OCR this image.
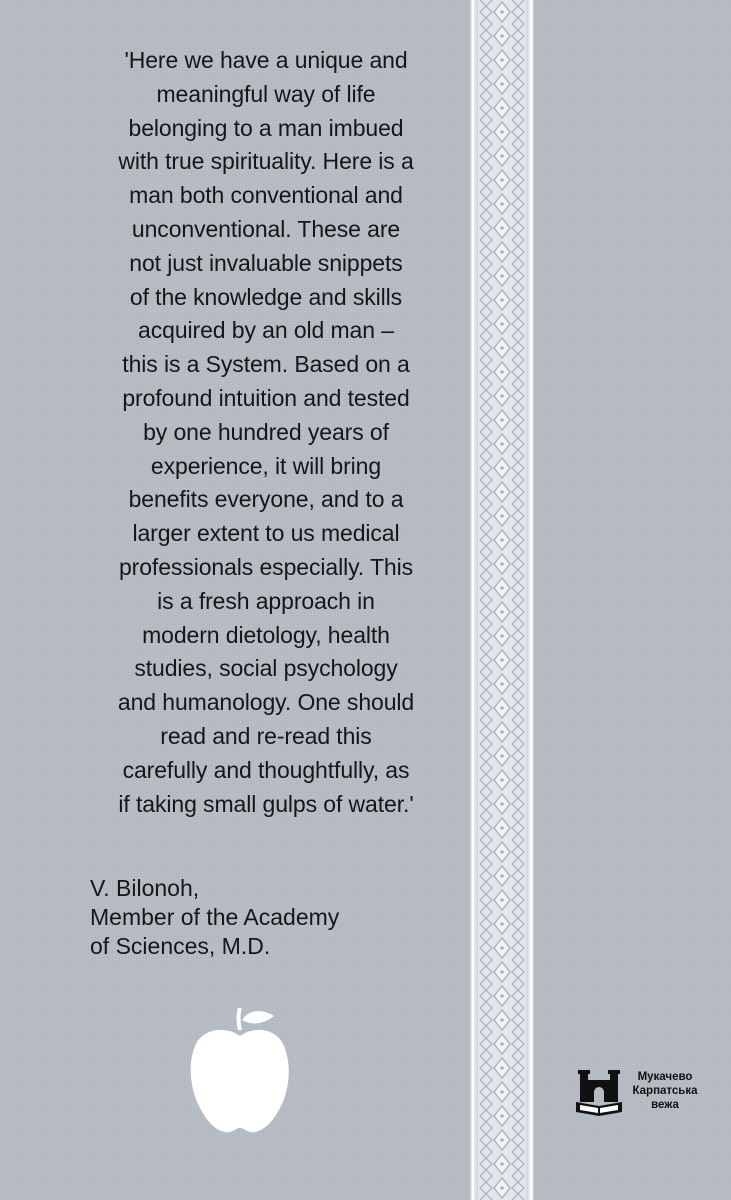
'Here we have a unique and
meaningful way of life
belonging to a man imbued
with true spirituality. Here is a
man both conventional and
unconventional. These are
not just invaluable snippets
of the knowledge and skills
acquired by an old man –
this is a System. Based on a
profound intuition and tested
by one hundred years of
experience, it will bring
benefits everyone, and to a
larger extent to us medical
professionals especially. This
is a fresh approach in
modern dietology, health
studies, social psychology
and humanology. One should
read and re-read this
carefully and thoughtfully, as
if taking small gulps of water.'

V. Bilonoh,
Member of the Academy
of Sciences, M.D.
Мукачево
Карпатська
вежа
